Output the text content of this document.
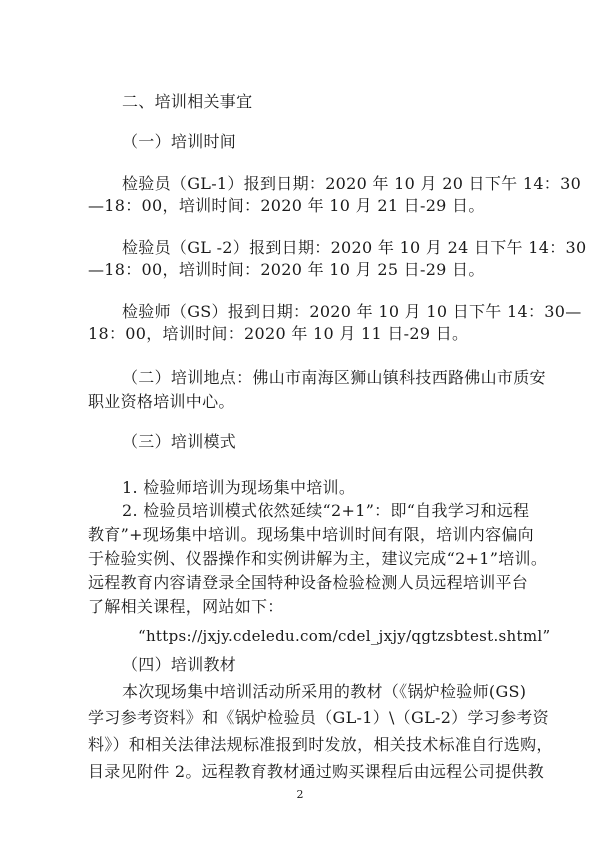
二、培训相关事宜

（一）培训时间

检验员（GL-1）报到日期：2020 年 10 月 20 日下午 14：30

—18：00，培训时间：2020 年 10 月 21 日-29 日。

检验员（GL -2）报到日期：2020 年 10 月 24 日下午 14：30

—18：00，培训时间：2020 年 10 月 25 日-29 日。

检验师（GS）报到日期：2020 年 10 月 10 日下午 14：30—

18：00，培训时间：2020 年 10 月 11 日-29 日。

（二）培训地点：佛山市南海区狮山镇科技西路佛山市质安

职业资格培训中心。

（三）培训模式

1. 检验师培训为现场集中培训。

2. 检验员培训模式依然延续“2+1”：即“自我学习和远程

教育”+现场集中培训。现场集中培训时间有限，培训内容偏向

于检验实例、仪器操作和实例讲解为主，建议完成“2+1”培训。

远程教育内容请登录全国特种设备检验检测人员远程培训平台

了解相关课程，网站如下：

“https://jxjy.cdeledu.com/cdel_jxjy/qgtzsbtest.shtml”

（四）培训教材

本次现场集中培训活动所采用的教材（《锅炉检验师(GS)

学习参考资料》和《锅炉检验员（GL-1）\（GL-2）学习参考资

料》）和相关法律法规标准报到时发放，相关技术标准自行选购，

目录见附件 2。远程教育教材通过购买课程后由远程公司提供教

2
